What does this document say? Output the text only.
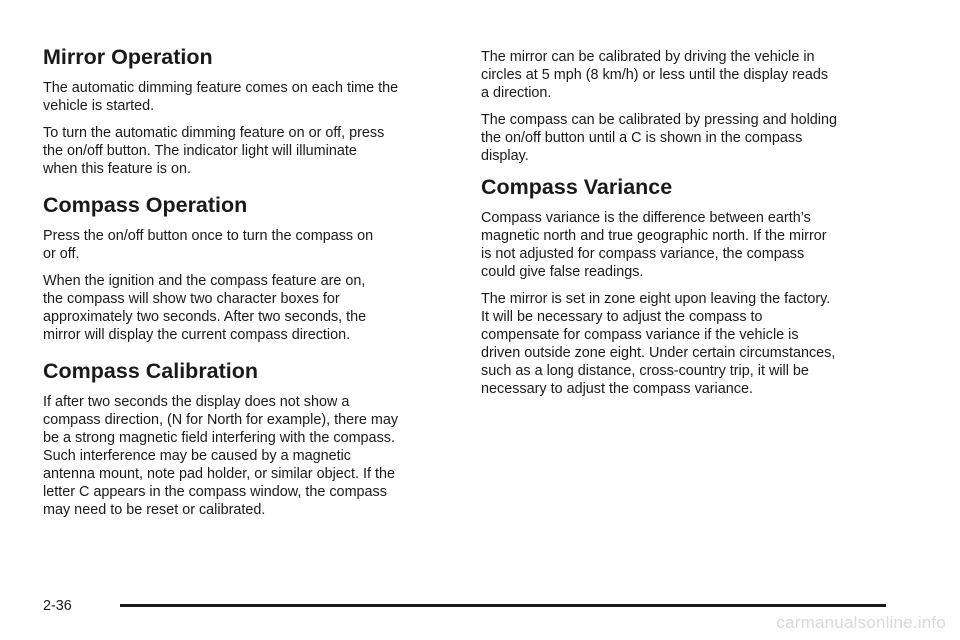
Mirror Operation

The automatic dimming feature comes on each time the
vehicle is started.

To turn the automatic dimming feature on or off, press
the on/off button. The indicator light will illuminate
when this feature is on.

Compass Operation

Press the on/off button once to turn the compass on
or off.

When the ignition and the compass feature are on,
the compass will show two character boxes for
approximately two seconds. After two seconds, the
mirror will display the current compass direction.

Compass Calibration

If after two seconds the display does not show a
compass direction, (N for North for example), there may
be a strong magnetic field interfering with the compass.
Such interference may be caused by a magnetic
antenna mount, note pad holder, or similar object. If the
letter C appears in the compass window, the compass
may need to be reset or calibrated.

The mirror can be calibrated by driving the vehicle in
circles at 5 mph (8 km/h) or less until the display reads
a direction.

The compass can be calibrated by pressing and holding
the on/off button until a C is shown in the compass
display.

Compass Variance

Compass variance is the difference between earth’s
magnetic north and true geographic north. If the mirror
is not adjusted for compass variance, the compass
could give false readings.

The mirror is set in zone eight upon leaving the factory.
It will be necessary to adjust the compass to
compensate for compass variance if the vehicle is
driven outside zone eight. Under certain circumstances,
such as a long distance, cross-country trip, it will be
necessary to adjust the compass variance.

2-36
carmanualsonline.info
